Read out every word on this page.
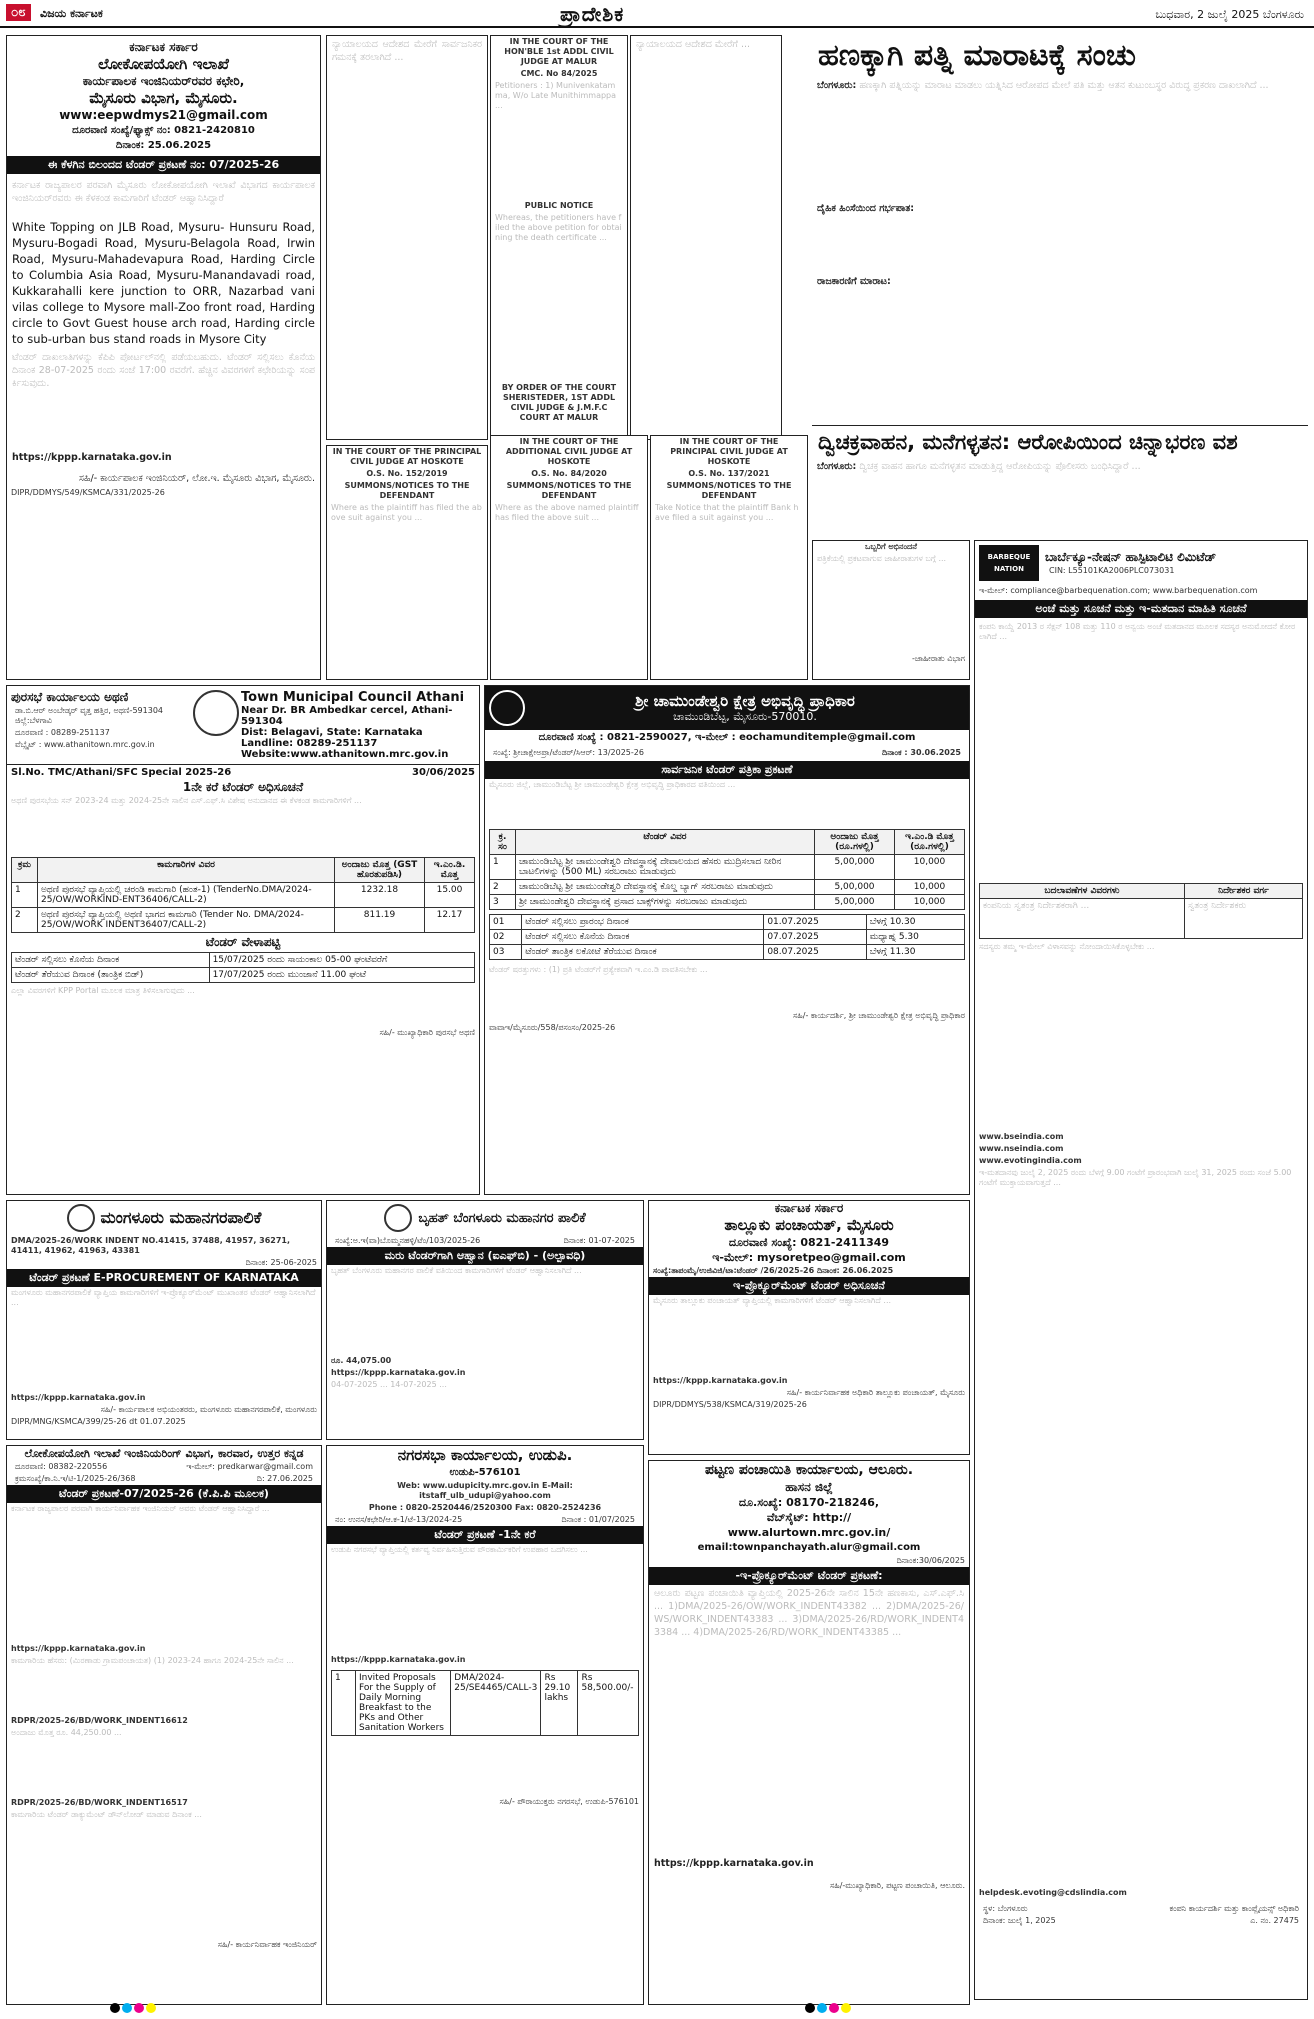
೦೮	ವಿಜಯ ಕರ್ನಾಟಕ	ಪ್ರಾದೇಶಿಕ	ಬುಧವಾರ, 2 ಜುಲೈ 2025 ಬೆಂಗಳೂರು
ಕರ್ನಾಟಕ ಸರ್ಕಾರ
ಲೋಕೋಪಯೋಗಿ ಇಲಾಖೆ
ಕಾರ್ಯಪಾಲಕ ಇಂಜಿನಿಯರ್‌ರವರ ಕಛೇರಿ,
ಮೈಸೂರು ವಿಭಾಗ, ಮೈಸೂರು.
www:eepwdmys21@gmail.com
ದೂರವಾಣಿ ಸಂಖ್ಯೆ/ಫ್ಯಾಕ್ಸ್ ನಂ: 0821-2420810
ದಿನಾಂಕ: 25.06.2025
ಈ ಕೆಳಗಿನ ಬಿಲಂದದ ಟೆಂಡರ್ ಪ್ರಕಟಣೆ ನಂ: 07/2025-26
ಕರ್ನಾಟಕ ರಾಜ್ಯಪಾಲರ ಪರವಾಗಿ ಮೈಸೂರು ಲೋಕೋಪಯೋಗಿ ಇಲಾಖೆ ವಿಭಾಗದ ಕಾರ್ಯಪಾಲಕ ಇಂಜಿನಿಯರ್‌ರವರು ಈ ಕೆಳಕಂಡ ಕಾಮಗಾರಿಗೆ ಟೆಂಡರ್ ಆಹ್ವಾನಿಸಿದ್ದಾರೆ
White Topping on JLB Road, Mysuru- Hunsuru Road, Mysuru-Bogadi Road, Mysuru-Belagola Road, Irwin Road, Mysuru-Mahadevapura Road, Harding Circle to Columbia Asia Road, Mysuru-Manandavadi road, Kukkarahalli kere junction to ORR, Nazarbad vani vilas college to Mysore mall-Zoo front road, Harding circle to Govt Guest house arch road, Harding circle to sub-urban bus stand roads in Mysore City
ಟೆಂಡರ್ ದಾಖಲಾತಿಗಳನ್ನು ಕೆಪಿಪಿ ಪೋರ್ಟಲ್‌ನಲ್ಲಿ ಪಡೆಯಬಹುದು. ಟೆಂಡರ್ ಸಲ್ಲಿಸಲು ಕೊನೆಯ ದಿನಾಂಕ 28-07-2025 ರಂದು ಸಂಜೆ 17:00 ರವರೆಗೆ. ಹೆಚ್ಚಿನ ವಿವರಗಳಿಗೆ ಕಛೇರಿಯನ್ನು ಸಂಪರ್ಕಿಸುವುದು.
https://kppp.karnataka.gov.in
ಸಹಿ/- ಕಾರ್ಯಪಾಲಕ ಇಂಜಿನಿಯರ್, ಲೋ.ಇ. ಮೈಸೂರು ವಿಭಾಗ, ಮೈಸೂರು.
DIPR/DDMYS/549/KSMCA/331/2025-26
ನ್ಯಾಯಾಲಯದ ಆದೇಶದ ಮೇರೆಗೆ ಸಾರ್ವಜನಿಕರ ಗಮನಕ್ಕೆ ತರಲಾಗಿದೆ ...
IN THE COURT OF THE HON'BLE 1st ADDL CIVIL JUDGE AT MALUR
CMC. No 84/2025
Petitioners : 1) Munivenkatamma, W/o Late Munithimmappa ...
PUBLIC NOTICE
Whereas, the petitioners have filed the above petition for obtaining the death certificate ...
BY ORDER OF THE COURT SHERISTEDER, 1ST ADDL CIVIL JUDGE & J.M.F.C COURT AT MALUR
ನ್ಯಾಯಾಲಯದ ಆದೇಶದ ಮೇರೆಗೆ ...
IN THE COURT OF THE PRINCIPAL CIVIL JUDGE AT HOSKOTE
O.S. No. 152/2019
SUMMONS/NOTICES TO THE DEFENDANT
Where as the plaintiff has filed the above suit against you ...
IN THE COURT OF THE ADDITIONAL CIVIL JUDGE AT HOSKOTE
O.S. No. 84/2020
SUMMONS/NOTICES TO THE DEFENDANT
Where as the above named plaintiff has filed the above suit ...
IN THE COURT OF THE PRINCIPAL CIVIL JUDGE AT HOSKOTE
O.S. No. 137/2021
SUMMONS/NOTICES TO THE DEFENDANT
Take Notice that the plaintiff Bank have filed a suit against you ...
ಹಣಕ್ಕಾಗಿ ಪತ್ನಿ ಮಾರಾಟಕ್ಕೆ ಸಂಚು
ಬೆಂಗಳೂರು: ಹಣಕ್ಕಾಗಿ ಪತ್ನಿಯನ್ನು ಮಾರಾಟ ಮಾಡಲು ಯತ್ನಿಸಿದ ಆರೋಪದ ಮೇಲೆ ಪತಿ ಮತ್ತು ಆತನ ಕುಟುಂಬಸ್ಥರ ವಿರುದ್ಧ ಪ್ರಕರಣ ದಾಖಲಾಗಿದೆ ...
ದೈಹಿಕ ಹಿಂಸೆಯಿಂದ ಗರ್ಭಪಾತ:
ರಾಜಕಾರಣಿಗೆ ಮಾರಾಟ:
ದ್ವಿಚಕ್ರವಾಹನ, ಮನೆಗಳ್ಳತನ: ಆರೋಪಿಯಿಂದ ಚಿನ್ನಾಭರಣ ವಶ
ಬೆಂಗಳೂರು: ದ್ವಿಚಕ್ರ ವಾಹನ ಹಾಗೂ ಮನೆಗಳ್ಳತನ ಮಾಡುತ್ತಿದ್ದ ಆರೋಪಿಯನ್ನು ಪೊಲೀಸರು ಬಂಧಿಸಿದ್ದಾರೆ ...
ಒಬ್ಬರಿಗೆ ಅಭಿನಂದನೆ
ಪತ್ರಿಕೆಯಲ್ಲಿ ಪ್ರಕಟವಾಗುವ ಜಾಹೀರಾತುಗಳ ಬಗ್ಗೆ ...
-ಜಾಹೀರಾತು ವಿಭಾಗ
BARBEQUE NATION
ಬಾರ್ಬೆಕ್ಯೂ-ನೇಷನ್ ಹಾಸ್ಪಿಟಾಲಿಟಿ ಲಿಮಿಟೆಡ್
CIN: L55101KA2006PLC073031
ಇ-ಮೇಲ್: compliance@barbequenation.com; www.barbequenation.com
ಅಂಚೆ ಮತ್ತು ಸೂಚನೆ ಮತ್ತು ಇ-ಮತದಾನ ಮಾಹಿತಿ ಸೂಚನೆ
ಕಂಪನಿ ಕಾಯ್ದೆ 2013 ರ ಸೆಕ್ಷನ್ 108 ಮತ್ತು 110 ರ ಅನ್ವಯ ಅಂಚೆ ಮತದಾನದ ಮೂಲಕ ಸದಸ್ಯರ ಅನುಮೋದನೆ ಕೋರಲಾಗಿದೆ ...
ಬದಲಾವಣೆಗಳ ವಿವರಗಳು	ನಿರ್ದೇಶಕರ ವರ್ಗ
ಕಂಪನಿಯ ಸ್ವತಂತ್ರ ನಿರ್ದೇಶಕರಾಗಿ ...	ಸ್ವತಂತ್ರ ನಿರ್ದೇಶಕರು
ಸದಸ್ಯರು ತಮ್ಮ ಇ-ಮೇಲ್ ವಿಳಾಸವನ್ನು ನೋಂದಾಯಿಸಿಕೊಳ್ಳಬೇಕು ...
www.bseindia.com
www.nseindia.com
www.evotingindia.com
ಇ-ಮತದಾನವು ಜುಲೈ 2, 2025 ರಂದು ಬೆಳಗ್ಗೆ 9.00 ಗಂಟೆಗೆ ಪ್ರಾರಂಭವಾಗಿ ಜುಲೈ 31, 2025 ರಂದು ಸಂಜೆ 5.00 ಗಂಟೆಗೆ ಮುಕ್ತಾಯವಾಗುತ್ತದೆ ...
helpdesk.evoting@cdslindia.com
ಸ್ಥಳ: ಬೆಂಗಳೂರು
ದಿನಾಂಕ: ಜುಲೈ 1, 2025
ಕಂಪನಿ ಕಾರ್ಯದರ್ಶಿ ಮತ್ತು ಕಾಂಪ್ಲೈಯನ್ಸ್ ಅಧಿಕಾರಿ
ಎ. ನಂ. 27475
ಪುರಸಭೆ ಕಾರ್ಯಾಲಯ ಅಥಣಿ
ಡಾ.ಬಿ.ಆರ್ ಅಂಬೇಡ್ಕರ್ ವೃತ್ತ ಹತ್ತಿರ, ಅಥಣಿ-591304 ಜಿಲ್ಲೆ:ಬೆಳಗಾವಿ
ದೂರವಾಣಿ : 08289-251137
ವೆಬ್ಸೈಟ್ : www.athanitown.mrc.gov.in
Town Municipal Council Athani
Near Dr. BR Ambedkar cercel, Athani-591304
Dist: Belagavi, State: Karnataka
Landline: 08289-251137
Website:www.athanitown.mrc.gov.in
Sl.No. TMC/Athani/SFC Special 2025-26	30/06/2025
1ನೇ ಕರೆ ಟೆಂಡರ್ ಅಧಿಸೂಚನೆ
ಅಥಣಿ ಪುರಸಭೆಯ ಸನ್ 2023-24 ಮತ್ತು 2024-25ನೇ ಸಾಲಿನ ಎಸ್.ಎಫ್.ಸಿ ವಿಶೇಷ ಅನುದಾನದ ಈ ಕೆಳಕಂಡ ಕಾಮಗಾರಿಗಳಿಗೆ ...
ಕ್ರಮ	ಕಾಮಗಾರಿಗಳ ವಿವರ	ಅಂದಾಜು ಮೊತ್ತ (GST ಹೊರತುಪಡಿಸಿ)	ಇ.ಎಂ.ಡಿ. ಮೊತ್ತ
1	ಅಥಣಿ ಪುರಸಭೆ ವ್ಯಾಪ್ತಿಯಲ್ಲಿ ಚರಂಡಿ ಕಾಮಗಾರಿ (ಹಂತ-1) (TenderNo.DMA/2024-25/OW/WORKIND-ENT36406/CALL-2)	1232.18	15.00
2	ಅಥಣಿ ಪುರಸಭೆ ವ್ಯಾಪ್ತಿಯಲ್ಲಿ ಅಥಣಿ ಭಾಗದ ಕಾಮಗಾರಿ (Tender No. DMA/2024-25/OW/WORK INDENT36407/CALL-2)	811.19	12.17
ಟೆಂಡರ್ ವೇಳಾಪಟ್ಟಿ
ಟೆಂಡರ್ ಸಲ್ಲಿಸಲು ಕೊನೆಯ ದಿನಾಂಕ	15/07/2025 ರಂದು ಸಾಯಂಕಾಲ 05-00 ಘಂಟೆವರೆಗೆ
ಟೆಂಡರ್ ತೆರೆಯುವ ದಿನಾಂಕ (ತಾಂತ್ರಿಕ ಬಿಡ್)	17/07/2025 ರಂದು ಮುಂಜಾನೆ 11.00 ಘಂಟೆ
ಎಲ್ಲಾ ವಿವರಗಳಿಗೆ KPP Portal ಮೂಲಕ ಮಾತ್ರ ತಿಳಿಸಲಾಗುವುದು ...
ಸಹಿ/- ಮುಖ್ಯಾಧಿಕಾರಿ ಪುರಸಭೆ ಅಥಣಿ
ಶ್ರೀ ಚಾಮುಂಡೇಶ್ವರಿ ಕ್ಷೇತ್ರ ಅಭಿವೃದ್ಧಿ ಪ್ರಾಧಿಕಾರ
ಚಾಮುಂಡಿಬೆಟ್ಟ, ಮೈಸೂರು-570010.
ದೂರವಾಣಿ ಸಂಖ್ಯೆ : 0821-2590027, ಇ-ಮೇಲ್ : eochamunditemple@gmail.com
ಸಂಖ್ಯೆ: ಶ್ರೀಚಾಕ್ಷೇಅಪ್ರಾ/ಟೆಂಡರ್/ಸಿಆರ್: 13/2025-26	ದಿನಾಂಕ : 30.06.2025
ಸಾರ್ವಜನಿಕ ಟೆಂಡರ್ ಪತ್ರಿಕಾ ಪ್ರಕಟಣೆ
ಮೈಸೂರು ಜಿಲ್ಲೆ, ಚಾಮುಂಡಿಬೆಟ್ಟ ಶ್ರೀ ಚಾಮುಂಡೇಶ್ವರಿ ಕ್ಷೇತ್ರ ಅಭಿವೃದ್ಧಿ ಪ್ರಾಧಿಕಾರದ ವತಿಯಿಂದ ...
ಕ್ರ. ಸಂ	ಟೆಂಡರ್ ವಿವರ	ಅಂದಾಜು ಮೊತ್ತ (ರೂ.ಗಳಲ್ಲಿ)	ಇ.ಎಂ.ಡಿ ಮೊತ್ತ (ರೂ.ಗಳಲ್ಲಿ)
1	ಚಾಮುಂಡಿಬೆಟ್ಟ ಶ್ರೀ ಚಾಮುಂಡೇಶ್ವರಿ ದೇವಸ್ಥಾನಕ್ಕೆ ದೇವಾಲಯದ ಹೆಸರು ಮುದ್ರಿಸಲಾದ ನೀರಿನ ಬಾಟಲಿಗಳನ್ನು (500 ML) ಸರಬರಾಜು ಮಾಡುವುದು	5,00,000	10,000
2	ಚಾಮುಂಡಿಬೆಟ್ಟ ಶ್ರೀ ಚಾಮುಂಡೇಶ್ವರಿ ದೇವಸ್ಥಾನಕ್ಕೆ ಕೊಲ್ಡ ಬ್ಯಾಗ್ ಸರಬರಾಜು ಮಾಡುವುದು	5,00,000	10,000
3	ಶ್ರೀ ಚಾಮುಂಡೇಶ್ವರಿ ದೇವಸ್ಥಾನಕ್ಕೆ ಪ್ರಸಾದ ಬಾಕ್ಸ್‌ಗಳನ್ನು ಸರಬರಾಜು ಮಾಡುವುದು	5,00,000	10,000
01	ಟೆಂಡರ್ ಸಲ್ಲಿಸಲು ಪ್ರಾರಂಭ ದಿನಾಂಕ	01.07.2025	ಬೆಳಗ್ಗೆ 10.30
02	ಟೆಂಡರ್ ಸಲ್ಲಿಸಲು ಕೊನೆಯ ದಿನಾಂಕ	07.07.2025	ಮಧ್ಯಾಹ್ನ 5.30
03	ಟೆಂಡರ್ ತಾಂತ್ರಿಕ ಲಕೋಟೆ ತೆರೆಯುವ ದಿನಾಂಕ	08.07.2025	ಬೆಳಗ್ಗೆ 11.30
ಟೆಂಡರ್ ಷರತ್ತುಗಳು : (1) ಪ್ರತಿ ಟೆಂಡರ್‌ಗೆ ಪ್ರತ್ಯೇಕವಾಗಿ ಇ.ಎಂ.ಡಿ ಪಾವತಿಸಬೇಕು ...
ಸಹಿ/- ಕಾರ್ಯದರ್ಶಿ, ಶ್ರೀ ಚಾಮುಂಡೇಶ್ವರಿ ಕ್ಷೇತ್ರ ಅಭಿವೃದ್ಧಿ ಪ್ರಾಧಿಕಾರ
ವಾವಾಇ/ಮೈಸೂರು/558/ಪಸಂಸಂ/2025-26
ಮಂಗಳೂರು ಮಹಾನಗರಪಾಲಿಕೆ
DMA/2025-26/WORK INDENT NO.41415, 37488, 41957, 36271, 41411, 41962, 41963, 43381
ದಿನಾಂಕ: 25-06-2025
ಟೆಂಡರ್ ಪ್ರಕಟಣೆ E-PROCUREMENT OF KARNATAKA
ಮಂಗಳೂರು ಮಹಾನಗರಪಾಲಿಕೆ ವ್ಯಾಪ್ತಿಯ ಕಾಮಗಾರಿಗಳಿಗೆ ಇ-ಪ್ರೊಕ್ಯೂರ್‌ಮೆಂಟ್ ಮುಖಾಂತರ ಟೆಂಡರ್ ಆಹ್ವಾನಿಸಲಾಗಿದೆ ...
https://kppp.karnataka.gov.in
ಸಹಿ/- ಕಾರ್ಯಪಾಲಕ ಅಭಿಯಂತರರು, ಮಂಗಳೂರು ಮಹಾನಗರಪಾಲಿಕೆ, ಮಂಗಳೂರು
DIPR/MNG/KSMCA/399/25-26 dt 01.07.2025
ಲೋಕೋಪಯೋಗಿ ಇಲಾಖೆ ಇಂಜಿನಿಯರಿಂಗ್ ವಿಭಾಗ, ಕಾರವಾರ, ಉತ್ತರ ಕನ್ನಡ
ದೂರವಾಣಿ: 08382-220556	ಇ-ಮೇಲ್: predkarwar@gmail.com
ಕ್ರಮಸಂಖ್ಯೆ/ಕಾ.ನಿ.ಇ/ಟಿ-1/2025-26/368	ದಿ: 27.06.2025
ಟೆಂಡರ್ ಪ್ರಕಟಣೆ-07/2025-26 (ಕೆ.ಪಿ.ಪಿ ಮೂಲಕ)
ಕರ್ನಾಟಕ ರಾಜ್ಯಪಾಲರ ಪರವಾಗಿ ಕಾರ್ಯನಿರ್ವಾಹಕ ಇಂಜಿನಿಯರ್ ಅವರು ಟೆಂಡರ್ ಆಹ್ವಾನಿಸಿದ್ದಾರೆ ...
https://kppp.karnataka.gov.in
ಕಾಮಗಾರಿಯ ಹೆಸರು: (ಮಿರಣಾಡು ಗ್ರಾಮಪಂಚಾಯತ) (1) 2023-24 ಹಾಗೂ 2024-25ನೇ ಸಾಲಿನ ...
RDPR/2025-26/BD/WORK_INDENT16612
ಅಂದಾಜು ಮೊತ್ತ ರೂ. 44,250.00 ...
RDPR/2025-26/BD/WORK_INDENT16517
ಕಾಮಗಾರಿಯ ಟೆಂಡರ್ ಡಾಕ್ಯುಮೆಂಟ್ ಡೌನ್‌ಲೋಡ್ ಮಾಡುವ ದಿನಾಂಕ ...
ಸಹಿ/- ಕಾರ್ಯನಿರ್ವಾಹಕ ಇಂಜಿನಿಯರ್
ಬೃಹತ್ ಬೆಂಗಳೂರು ಮಹಾನಗರ ಪಾಲಿಕೆ
ಸಂಖ್ಯೆ:ಅ.ಇ(ವಾ)ಬೊಮ್ಮನಹಳ್ಳಿ/ಟೆಂ/103/2025-26	ದಿನಾಂಕ: 01-07-2025
ಮರು ಟೆಂಡರ್‌ಗಾಗಿ ಆಹ್ವಾನ (ಐಎಫ್‌ಬಿ) - (ಅಲ್ಪಾವಧಿ)
ಬೃಹತ್ ಬೆಂಗಳೂರು ಮಹಾನಗರ ಪಾಲಿಕೆ ವತಿಯಿಂದ ಕಾಮಗಾರಿಗಳಿಗೆ ಟೆಂಡರ್ ಆಹ್ವಾನಿಸಲಾಗಿದೆ ...
ರೂ. 44,075.00
https://kppp.karnataka.gov.in
04-07-2025 ... 14-07-2025 ...
ಕರ್ನಾಟಕ ಸರ್ಕಾರ
ತಾಲ್ಲೂಕು ಪಂಚಾಯತ್, ಮೈಸೂರು
ದೂರವಾಣಿ ಸಂಖ್ಯೆ: 0821-2411349
ಇ-ಮೇಲ್: mysoretpeo@gmail.com
ಸಂಖ್ಯೆ:ತಾಪಂಮೈ/ಉಜಿವಿಜಿ/ಟಾ:ಟೆಂಡರ್ /26/2025-26 ದಿನಾಂಕ: 26.06.2025
ಇ-ಪ್ರೊಕ್ಯೂರ್‌ಮೆಂಟ್ ಟೆಂಡರ್ ಅಧಿಸೂಚನೆ
ಮೈಸೂರು ತಾಲ್ಲೂಕು ಪಂಚಾಯತ್ ವ್ಯಾಪ್ತಿಯಲ್ಲಿ ಕಾಮಗಾರಿಗಳಿಗೆ ಟೆಂಡರ್ ಆಹ್ವಾನಿಸಲಾಗಿದೆ ...
https://kppp.karnataka.gov.in
ಸಹಿ/- ಕಾರ್ಯನಿರ್ವಾಹಕ ಅಧಿಕಾರಿ ತಾಲ್ಲೂಕು ಪಂಚಾಯತ್, ಮೈಸೂರು
DIPR/DDMYS/538/KSMCA/319/2025-26
ನಗರಸಭಾ ಕಾರ್ಯಾಲಯ, ಉಡುಪಿ.
ಉಡುಪಿ-576101
Web: www.udupicity.mrc.gov.in E-Mail: itstaff_ulb_udupi@yahoo.com
Phone : 0820-2520446/2520300 Fax: 0820-2524236
ನಂ: ಉನಸ/ಕಛೇರಿ/ಆ.ಕ-1/ಟೆ-13/2024-25	ದಿನಾಂಕ : 01/07/2025
ಟೆಂಡರ್ ಪ್ರಕಟಣೆ -1ನೇ ಕರೆ
ಉಡುಪಿ ನಗರಸಭೆ ವ್ಯಾಪ್ತಿಯಲ್ಲಿ ಕರ್ತವ್ಯ ನಿರ್ವಹಿಸುತ್ತಿರುವ ಪೌರಕಾರ್ಮಿಕರಿಗೆ ಉಪಹಾರ ಒದಗಿಸಲು ...
https://kppp.karnataka.gov.in
1	Invited Proposals For the Supply of Daily Morning Breakfast to the PKs and Other Sanitation Workers	DMA/2024-25/SE4465/CALL-3	Rs 29.10 lakhs	Rs 58,500.00/-
ಸಹಿ/- ಪೌರಾಯುಕ್ತರು ನಗರಸಭೆ, ಉಡುಪಿ-576101
ಪಟ್ಟಣ ಪಂಚಾಯಿತಿ ಕಾರ್ಯಾಲಯ, ಆಲೂರು.
ಹಾಸನ ಜಿಲ್ಲೆ
ದೂ.ಸಂಖ್ಯೆ: 08170-218246,
ವೆಬ್‌ಸೈಟ್: http://
www.alurtown.mrc.gov.in/
email:townpanchayath.alur@gmail.com
ದಿನಾಂಕ:30/06/2025
-ಇ-ಪ್ರೊಕ್ಯೂರ್‌ಮೆಂಟ್ ಟೆಂಡರ್ ಪ್ರಕಟಣೆ:
ಆಲೂರು ಪಟ್ಟಣ ಪಂಚಾಯಿತಿ ವ್ಯಾಪ್ತಿಯಲ್ಲಿ 2025-26ನೇ ಸಾಲಿನ 15ನೇ ಹಣಕಾಸು, ಎಸ್.ಎಫ್.ಸಿ ... 1)DMA/2025-26/OW/WORK_INDENT43382 ... 2)DMA/2025-26/WS/WORK_INDENT43383 ... 3)DMA/2025-26/RD/WORK_INDENT43384 ... 4)DMA/2025-26/RD/WORK_INDENT43385 ...
https://kppp.karnataka.gov.in
ಸಹಿ/-ಮುಖ್ಯಾಧಿಕಾರಿ, ಪಟ್ಟಣ ಪಂಚಾಯಿತಿ, ಆಲೂರು.
